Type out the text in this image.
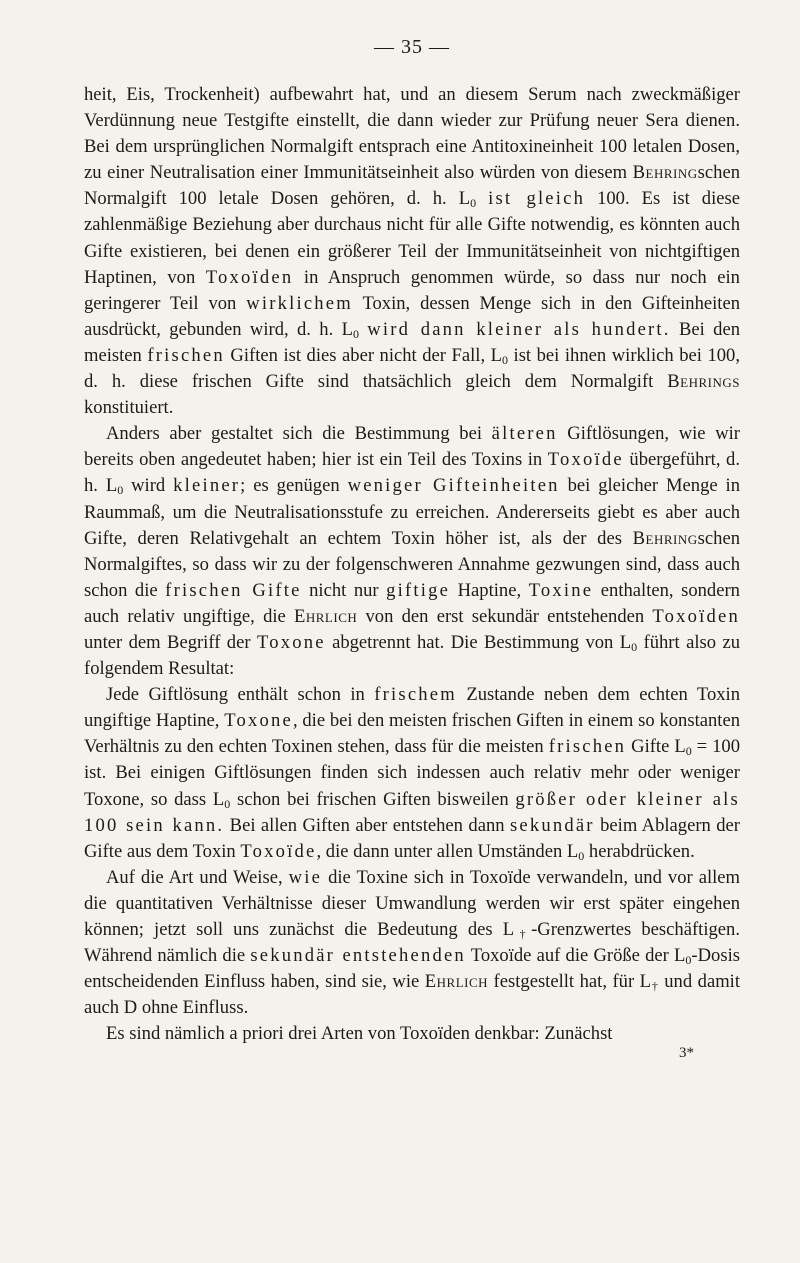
— 35 —

heit, Eis, Trockenheit) aufbewahrt hat, und an diesem Serum nach zweckmäßiger Verdünnung neue Testgifte einstellt, die dann wieder zur Prüfung neuer Sera dienen. Bei dem ursprünglichen Normalgift entsprach eine Antitoxineinheit 100 letalen Dosen, zu einer Neutralisation einer Immunitätseinheit also würden von diesem Behringschen Normalgift 100 letale Dosen gehören, d. h. $L_0$ ist gleich 100. Es ist diese zahlenmäßige Beziehung aber durchaus nicht für alle Gifte notwendig, es könnten auch Gifte existieren, bei denen ein größerer Teil der Immunitätseinheit von nichtgiftigen Haptinen, von Toxoïden in Anspruch genommen würde, so dass nur noch ein geringerer Teil von wirklichem Toxin, dessen Menge sich in den Gifteinheiten ausdrückt, gebunden wird, d. h. $L_0$ wird dann kleiner als hundert. Bei den meisten frischen Giften ist dies aber nicht der Fall, $L_0$ ist bei ihnen wirklich bei 100, d. h. diese frischen Gifte sind thatsächlich gleich dem Normalgift Behrings konstituiert.

Anders aber gestaltet sich die Bestimmung bei älteren Giftlösungen, wie wir bereits oben angedeutet haben; hier ist ein Teil des Toxins in Toxoïde übergeführt, d. h. $L_0$ wird kleiner; es genügen weniger Gifteinheiten bei gleicher Menge in Raummaß, um die Neutralisationsstufe zu erreichen. Andererseits giebt es aber auch Gifte, deren Relativgehalt an echtem Toxin höher ist, als der des Behringschen Normalgiftes, so dass wir zu der folgenschweren Annahme gezwungen sind, dass auch schon die frischen Gifte nicht nur giftige Haptine, Toxine enthalten, sondern auch relativ ungiftige, die Ehrlich von den erst sekundär entstehenden Toxoïden unter dem Begriff der Toxone abgetrennt hat. Die Bestimmung von $L_0$ führt also zu folgendem Resultat:

Jede Giftlösung enthält schon in frischem Zustande neben dem echten Toxin ungiftige Haptine, Toxone, die bei den meisten frischen Giften in einem so konstanten Verhältnis zu den echten Toxinen stehen, dass für die meisten frischen Gifte $L_0 = 100$ ist. Bei einigen Giftlösungen finden sich indessen auch relativ mehr oder weniger Toxone, so dass $L_0$ schon bei frischen Giften bisweilen größer oder kleiner als 100 sein kann. Bei allen Giften aber entstehen dann sekundär beim Ablagern der Gifte aus dem Toxin Toxoïde, die dann unter allen Umständen $L_0$ herabdrücken.

Auf die Art und Weise, wie die Toxine sich in Toxoïde verwandeln, und vor allem die quantitativen Verhältnisse dieser Umwandlung werden wir erst später eingehen können; jetzt soll uns zunächst die Bedeutung des $L_\dagger$-Grenzwertes beschäftigen. Während nämlich die sekundär entstehenden Toxoïde auf die Größe der $L_0$-Dosis entscheidenden Einfluss haben, sind sie, wie Ehrlich festgestellt hat, für $L_\dagger$ und damit auch D ohne Einfluss.

Es sind nämlich a priori drei Arten von Toxoïden denkbar: Zunächst

3*
